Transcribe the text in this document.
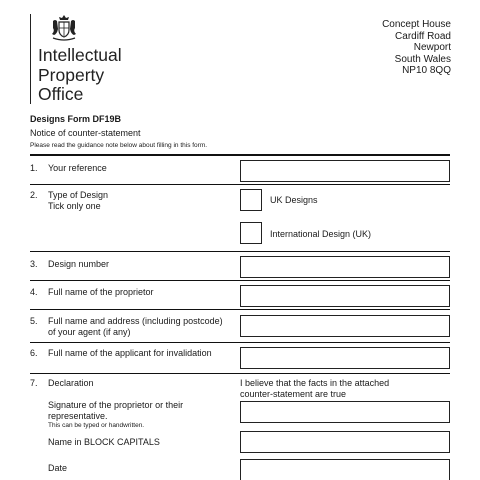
Intellectual
Property
Office
Concept House
Cardiff Road
Newport
South Wales
NP10 8QQ
Designs Form DF19B
Notice of counter-statement
Please read the guidance note below about filling in this form.
1. Your reference
2. Type of Design
Tick only one
UK Designs
International Design (UK)
3. Design number
4. Full name of the proprietor
5. Full name and address (including postcode)
of your agent (if any)
6. Full name of the applicant for invalidation
7. Declaration	I believe that the facts in the attached
counter-statement are true
Signature of the proprietor or their
representative.
This can be typed or handwritten.
Name in BLOCK CAPITALS
Date
